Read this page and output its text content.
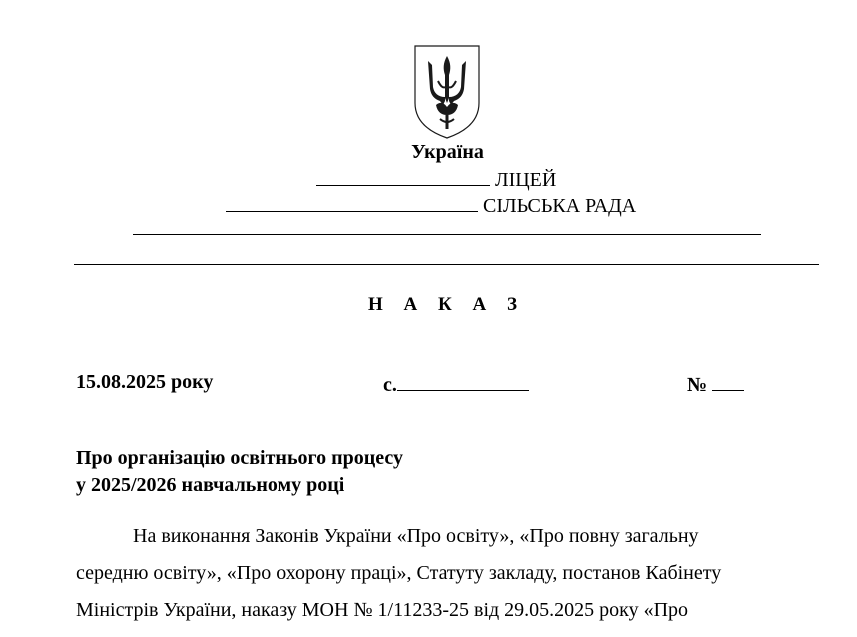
Україна
ЛІЦЕЙ
СІЛЬСЬКА РАДА
Н А К А З
15.08.2025 року	с.	№
Про організацію освітнього процесу
у 2025/2026 навчальному році

На виконання Законів України «Про освіту», «Про повну загальну

середню освіту», «Про охорону праці», Статуту закладу, постанов Кабінету

Міністрів України, наказу МОН № 1/11233-25 від 29.05.2025 року «Про
